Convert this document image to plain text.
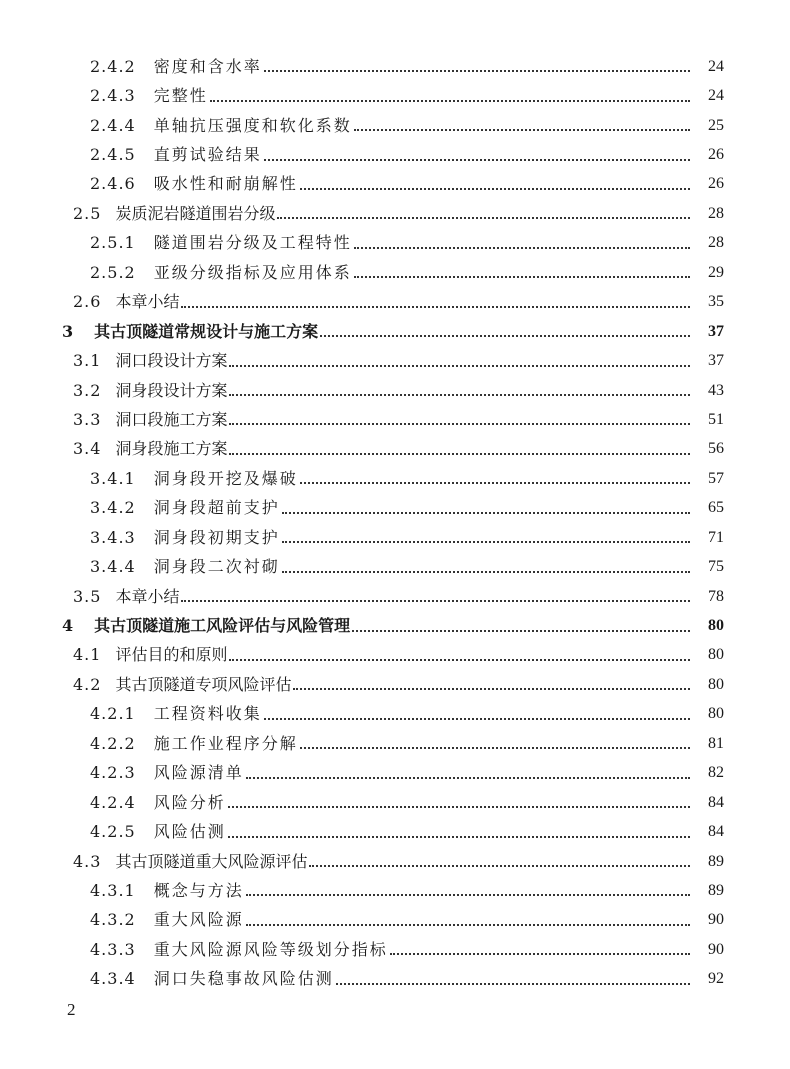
2.4.2 密度和含水率	24
2.4.3 完整性	24
2.4.4 单轴抗压强度和软化系数	25
2.4.5 直剪试验结果	26
2.4.6 吸水性和耐崩解性	26
2.5 炭质泥岩隧道围岩分级	28
2.5.1 隧道围岩分级及工程特性	28
2.5.2 亚级分级指标及应用体系	29
2.6 本章小结	35
3 其古顶隧道常规设计与施工方案	37
3.1 洞口段设计方案	37
3.2 洞身段设计方案	43
3.3 洞口段施工方案	51
3.4 洞身段施工方案	56
3.4.1 洞身段开挖及爆破	57
3.4.2 洞身段超前支护	65
3.4.3 洞身段初期支护	71
3.4.4 洞身段二次衬砌	75
3.5 本章小结	78
4 其古顶隧道施工风险评估与风险管理	80
4.1 评估目的和原则	80
4.2 其古顶隧道专项风险评估	80
4.2.1 工程资料收集	80
4.2.2 施工作业程序分解	81
4.2.3 风险源清单	82
4.2.4 风险分析	84
4.2.5 风险估测	84
4.3 其古顶隧道重大风险源评估	89
4.3.1 概念与方法	89
4.3.2 重大风险源	90
4.3.3 重大风险源风险等级划分指标	90
4.3.4 洞口失稳事故风险估测	92
2
